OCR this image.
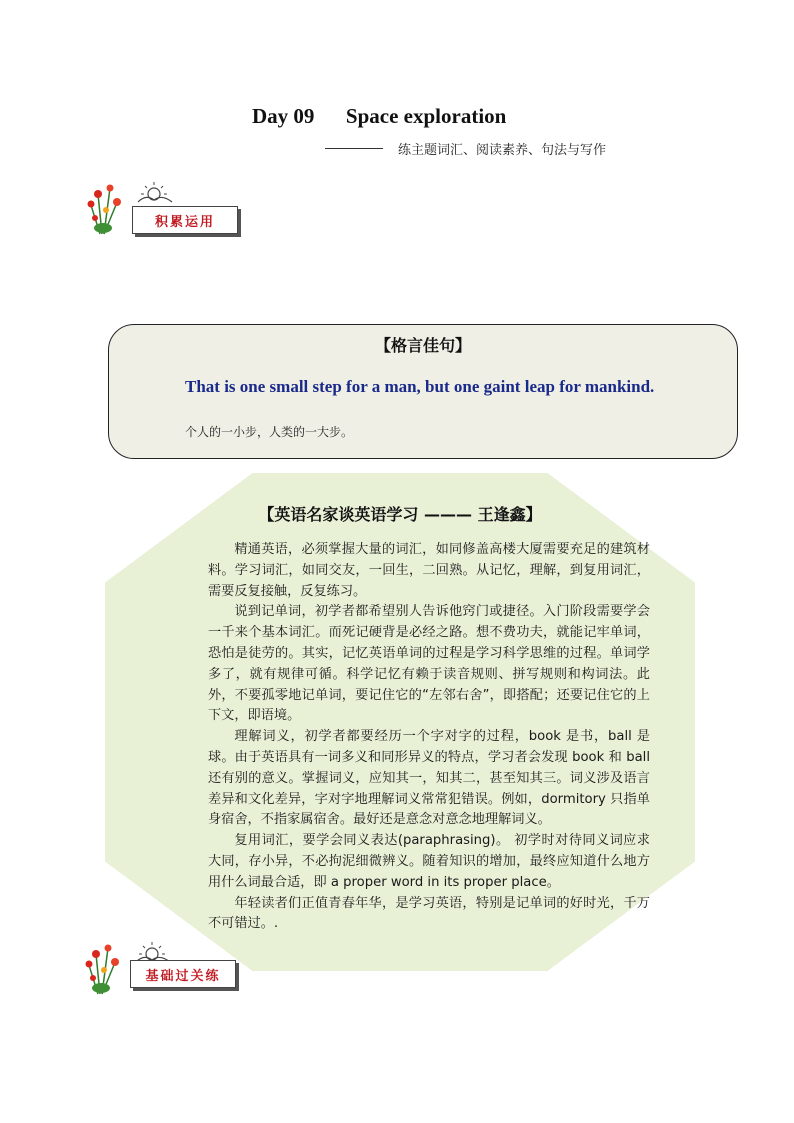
Day 09      Space exploration
练主题词汇、阅读素养、句法与写作
积累运用
【格言佳句】
That is one small step for a man, but one gaint leap for mankind.
个人的一小步，人类的一大步。
【英语名家谈英语学习 ——— 王逢鑫】

精通英语，必须掌握大量的词汇，如同修盖高楼大厦需要充足的建筑材料。学习词汇，如同交友，一回生，二回熟。从记忆，理解，到复用词汇，需要反复接触，反复练习。

说到记单词，初学者都希望别人告诉他窍门或捷径。入门阶段需要学会一千来个基本词汇。而死记硬背是必经之路。想不费功夫，就能记牢单词，恐怕是徒劳的。其实，记忆英语单词的过程是学习科学思维的过程。单词学多了，就有规律可循。科学记忆有赖于读音规则、拼写规则和构词法。此外，不要孤零地记单词，要记住它的“左邻右舍”，即搭配；还要记住它的上下文，即语境。

理解词义，初学者都要经历一个字对字的过程，book 是书，ball 是球。由于英语具有一词多义和同形异义的特点，学习者会发现 book 和 ball 还有别的意义。掌握词义，应知其一，知其二，甚至知其三。词义涉及语言差异和文化差异，字对字地理解词义常常犯错误。例如，dormitory 只指单身宿舍，不指家属宿舍。最好还是意念对意念地理解词义。

复用词汇，要学会同义表达(paraphrasing)。 初学时对待同义词应求大同，存小异，不必拘泥细微辨义。随着知识的增加，最终应知道什么地方用什么词最合适，即 a proper word in its proper place。

年轻读者们正值青春年华，是学习英语，特别是记单词的好时光，千万不可错过。.

基础过关练
